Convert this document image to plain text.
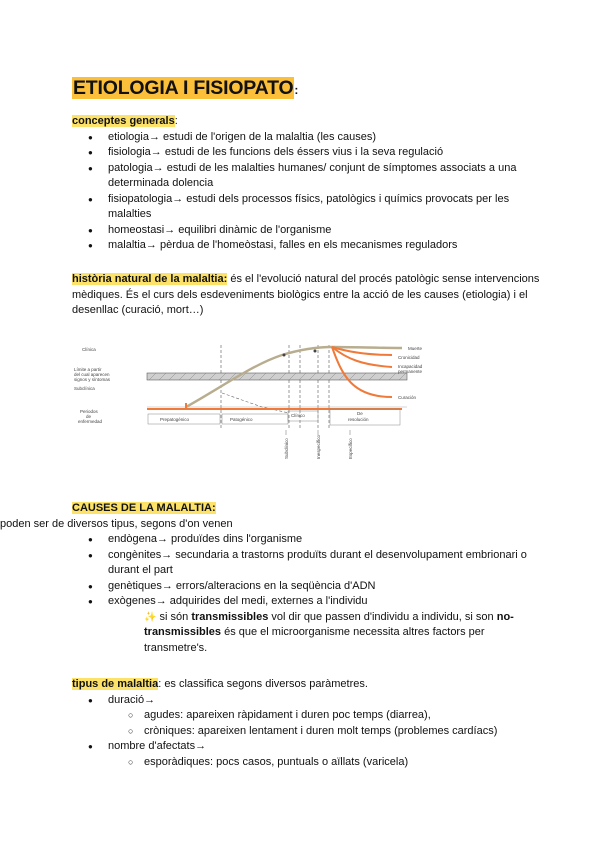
ETIOLOGIA I FISIOPATO:
conceptes generals:
● etiologia→ estudi de l'origen de la malaltia (les causes)
● fisiologia→ estudi de les funcions dels éssers vius i la seva regulació
● patologia→ estudi de les malalties humanes/ conjunt de símptomes associats a una determinada dolencia
● fisiopatologia→ estudi dels processos físics, patològics i químics provocats per les malalties
● homeostasi→ equilibri dinàmic de l'organisme
● malaltia→ pèrdua de l'homeòstasi, falles en els mecanismes reguladors
història natural de la malaltia: és el l'evolució natural del procés patològic sense intervencions mèdiques. És el curs dels esdeveniments biològics entre la acció de les causes (etiologia) i el desenllac (curació, mort…)
Clínica
Límite a partir
del cual aparecen
signos y síntomas
Subclínica
Periodos
de
enfermedad	Prepatogénico	Patogénico
Clínico	De
resolución
Muerte
Cronicidad
Incapacidad
permanente
Curación
Subclínico	Inespecífico	Específico
CAUSES DE LA MALALTIA:
poden ser de diversos tipus, segons d'on venen
● endògena→ produïdes dins l'organisme
● congènites→ secundaria a trastorns produïts durant el desenvolupament embrionari o durant el part
● genètiques→ errors/alteracions en la seqüència d'ADN
● exògenes→ adquirides del medi, externes a l'individu
✨ si són transmissibles vol dir que passen d'individu a individu, si son no-transmissibles és que el microorganisme necessita altres factors per transmetre's.
tipus de malaltia: es classifica segons diversos paràmetres.
● duració→
○ agudes: apareixen ràpidament i duren poc temps (diarrea),
○ cròniques: apareixen lentament i duren molt temps (problemes cardíacs)
● nombre d'afectats→
○ esporàdiques: pocs casos, puntuals o aïllats (varicela)
